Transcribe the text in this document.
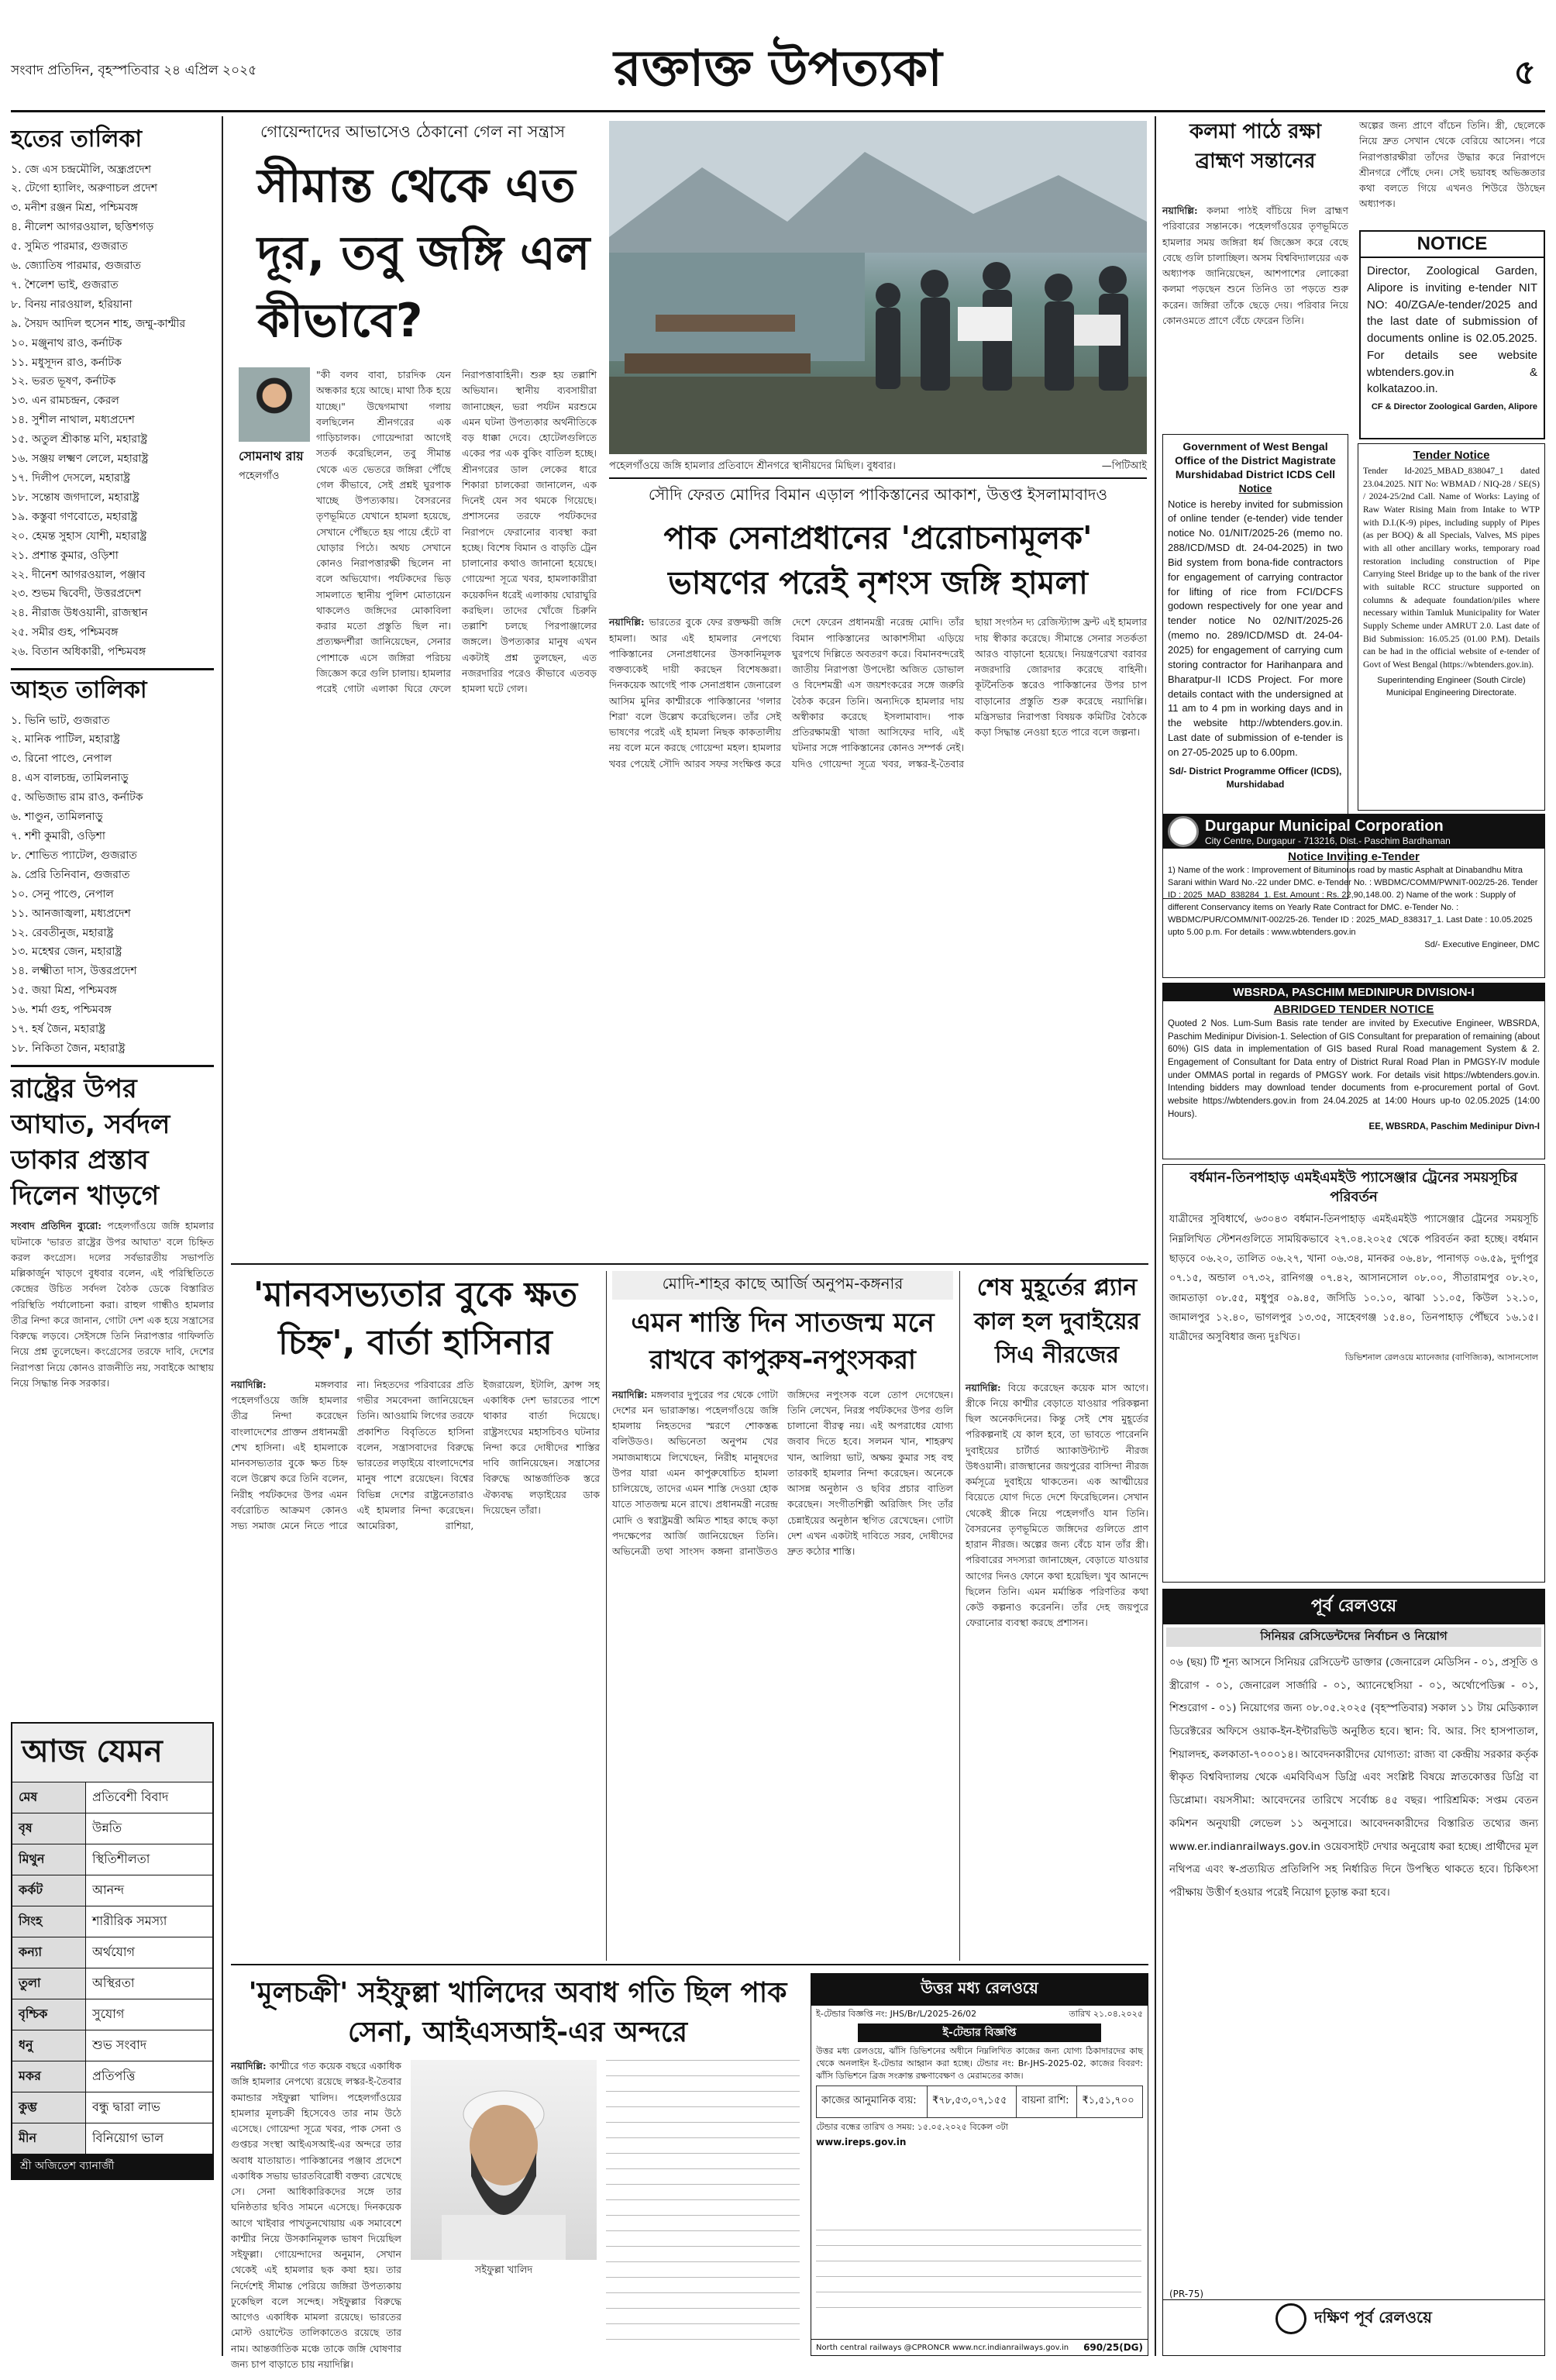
সংবাদ প্রতিদিন, বৃহস্পতিবার ২৪ এপ্রিল ২০২৫	রক্তাক্ত উপত্যকা	৫
হতের তালিকা
১. জে এস চন্দ্রমৌলি, অন্ধ্রপ্রদেশ
২. টেগো হ্যালিং, অরুণাচল প্রদেশ
৩. মনীশ রঞ্জন মিশ্র, পশ্চিমবঙ্গ
৪. নীলেশ আগরওয়াল, ছত্তিশগড়
৫. সুমিত পারমার, গুজরাত
৬. জ্যোতিষ পারমার, গুজরাত
৭. শৈলেশ ভাই, গুজরাত
৮. বিনয় নারওয়াল, হরিয়ানা
৯. সৈয়দ আদিল হুসেন শাহ, জম্মু-কাশ্মীর
১০. মঞ্জুনাথ রাও, কর্নাটক
১১. মধুসূদন রাও, কর্নাটক
১২. ভরত ভূষণ, কর্নাটক
১৩. এন রামচন্দ্রন, কেরল
১৪. সুশীল নাথাল, মধ্যপ্রদেশ
১৫. অতুল শ্রীকান্ত মণি, মহারাষ্ট্র
১৬. সঞ্জয় লক্ষ্মণ লেলে, মহারাষ্ট্র
১৭. দিলীপ দেসলে, মহারাষ্ট্র
১৮. সন্তোষ জগদালে, মহারাষ্ট্র
১৯. কস্তুবা গণবোতে, মহারাষ্ট্র
২০. হেমন্ত সুহাস যোশী, মহারাষ্ট্র
২১. প্রশান্ত কুমার, ওড়িশা
২২. দীনেশ আগরওয়াল, পঞ্জাব
২৩. শুভম দ্বিবেদী, উত্তরপ্রদেশ
২৪. নীরাজ উধওয়ানী, রাজস্থান
২৫. সমীর গুহ, পশ্চিমবঙ্গ
২৬. বিতান অধিকারী, পশ্চিমবঙ্গ
আহত তালিকা
১. ভিনি ভাট, গুজরাত
২. মানিক পাটিল, মহারাষ্ট্র
৩. রিনো পাণ্ডে, নেপাল
৪. এস বালচন্দ্র, তামিলনাড়ু
৫. অভিজাভ রাম রাও, কর্নাটক
৬. শাণ্ডুন, তামিলনাড়ু
৭. শশী কুমারী, ওড়িশা
৮. শোভিত প্যাটেল, গুজরাত
৯. প্রেরি তিনিবান, গুজরাত
১০. সেনু পাণ্ডে, নেপাল
১১. আনজাজ্বলা, মধ্যপ্রদেশ
১২. রেবতীনুজ, মহারাষ্ট্র
১৩. মহেশ্বর জেন, মহারাষ্ট্র
১৪. লক্ষ্মীতা দাস, উত্তরপ্রদেশ
১৫. জয়া মিশ্র, পশ্চিমবঙ্গ
১৬. শর্মা গুহ, পশ্চিমবঙ্গ
১৭. হর্ষ জৈন, মহারাষ্ট্র
১৮. নিকিতা জৈন, মহারাষ্ট্র
রাষ্ট্রের উপর আঘাত, সর্বদল ডাকার প্রস্তাব দিলেন খাড়গে

সংবাদ প্রতিদিন ব্যুরো: পহেলগাঁওয়ে জঙ্গি হামলার ঘটনাকে 'ভারত রাষ্ট্রের উপর আঘাত' বলে চিহ্নিত করল কংগ্রেস। দলের সর্বভারতীয় সভাপতি মল্লিকার্জুন খাড়গে বুধবার বলেন, এই পরিস্থিতিতে কেন্দ্রের উচিত সর্বদল বৈঠক ডেকে বিস্তারিত পরিস্থিতি পর্যালোচনা করা। রাহুল গান্ধীও হামলার তীব্র নিন্দা করে জানান, গোটা দেশ এক হয়ে সন্ত্রাসের বিরুদ্ধে লড়বে। সেইসঙ্গে তিনি নিরাপত্তার গাফিলতি নিয়ে প্রশ্ন তুলেছেন। কংগ্রেসের তরফে দাবি, দেশের নিরাপত্তা নিয়ে কোনও রাজনীতি নয়, সবাইকে আস্থায় নিয়ে সিদ্ধান্ত নিক সরকার।

আজ যেমন
মেষ	প্রতিবেশী বিবাদ
বৃষ	উন্নতি
মিথুন	স্থিতিশীলতা
কর্কট	আনন্দ
সিংহ	শারীরিক সমস্যা
কন্যা	অর্থযোগ
তুলা	অস্থিরতা
বৃশ্চিক	সুযোগ
ধনু	শুভ সংবাদ
মকর	প্রতিপত্তি
কুম্ভ	বন্ধু দ্বারা লাভ
মীন	বিনিয়োগ ভাল
শ্রী অজিতেশ ব্যানার্জী
গোয়েন্দাদের আভাসেও ঠেকানো গেল না সন্ত্রাস
সীমান্ত থেকে এত দূর, তবু জঙ্গি এল কীভাবে?
সোমনাথ রায়
পহেলগাঁও
"কী বলব বাবা, চারদিক যেন অন্ধকার হয়ে আছে। মাথা ঠিক হয়ে যাচ্ছে।" উদ্বেগমাখা গলায় বলছিলেন শ্রীনগরের এক গাড়িচালক। গোয়েন্দারা আগেই সতর্ক করেছিলেন, তবু সীমান্ত থেকে এত ভেতরে জঙ্গিরা পৌঁছে গেল কীভাবে, সেই প্রশ্নই ঘুরপাক খাচ্ছে উপত্যকায়। বৈসরনের তৃণভূমিতে যেখানে হামলা হয়েছে, সেখানে পৌঁছতে হয় পায়ে হেঁটে বা ঘোড়ার পিঠে। অথচ সেখানে কোনও নিরাপত্তারক্ষী ছিলেন না বলে অভিযোগ। পর্যটকদের ভিড় সামলাতে স্থানীয় পুলিশ মোতায়েন থাকলেও জঙ্গিদের মোকাবিলা করার মতো প্রস্তুতি ছিল না। প্রত্যক্ষদর্শীরা জানিয়েছেন, সেনার পোশাকে এসে জঙ্গিরা পরিচয় জিজ্ঞেস করে গুলি চালায়। হামলার পরেই গোটা এলাকা ঘিরে ফেলে নিরাপত্তাবাহিনী। শুরু হয় তল্লাশি অভিযান। স্থানীয় ব্যবসায়ীরা জানাচ্ছেন, ভরা পর্যটন মরশুমে এমন ঘটনা উপত্যকার অর্থনীতিকে বড় ধাক্কা দেবে। হোটেলগুলিতে একের পর এক বুকিং বাতিল হচ্ছে। শ্রীনগরের ডাল লেকের ধারে শিকারা চালকেরা জানালেন, এক দিনেই যেন সব থমকে গিয়েছে। প্রশাসনের তরফে পর্যটকদের নিরাপদে ফেরানোর ব্যবস্থা করা হচ্ছে। বিশেষ বিমান ও বাড়তি ট্রেন চালানোর কথাও জানানো হয়েছে। গোয়েন্দা সূত্রে খবর, হামলাকারীরা কয়েকদিন ধরেই এলাকায় ঘোরাঘুরি করছিল। তাদের খোঁজে চিরুনি তল্লাশি চলছে পিরপাঞ্জালের জঙ্গলে। উপত্যকার মানুষ এখন একটাই প্রশ্ন তুলছেন, এত নজরদারির পরেও কীভাবে এতবড় হামলা ঘটে গেল।
পহেলগাঁওয়ে জঙ্গি হামলার প্রতিবাদে শ্রীনগরে স্থানীয়দের মিছিল। বুধবার।	—পিটিআই
সৌদি ফেরত মোদির বিমান এড়াল পাকিস্তানের আকাশ, উত্তপ্ত ইসলামাবাদও
পাক সেনাপ্রধানের 'প্ররোচনামূলক' ভাষণের পরেই নৃশংস জঙ্গি হামলা

নয়াদিল্লি: ভারতের বুকে ফের রক্তক্ষয়ী জঙ্গি হামলা। আর এই হামলার নেপথ্যে পাকিস্তানের সেনাপ্রধানের উসকানিমূলক বক্তব্যকেই দায়ী করছেন বিশেষজ্ঞরা। দিনকয়েক আগেই পাক সেনাপ্রধান জেনারেল আসিম মুনির কাশ্মীরকে পাকিস্তানের 'গলার শিরা' বলে উল্লেখ করেছিলেন। তাঁর সেই ভাষণের পরেই এই হামলা নিছক কাকতালীয় নয় বলে মনে করছে গোয়েন্দা মহল। হামলার খবর পেয়েই সৌদি আরব সফর সংক্ষিপ্ত করে দেশে ফেরেন প্রধানমন্ত্রী নরেন্দ্র মোদি। তাঁর বিমান পাকিস্তানের আকাশসীমা এড়িয়ে ঘুরপথে দিল্লিতে অবতরণ করে। বিমানবন্দরেই জাতীয় নিরাপত্তা উপদেষ্টা অজিত ডোভাল ও বিদেশমন্ত্রী এস জয়শংকরের সঙ্গে জরুরি বৈঠক করেন তিনি। অন্যদিকে হামলার দায় অস্বীকার করেছে ইসলামাবাদ। পাক প্রতিরক্ষামন্ত্রী খাজা আসিফের দাবি, এই ঘটনার সঙ্গে পাকিস্তানের কোনও সম্পর্ক নেই। যদিও গোয়েন্দা সূত্রে খবর, লস্কর-ই-তৈবার ছায়া সংগঠন দ্য রেজিস্ট্যান্স ফ্রন্ট এই হামলার দায় স্বীকার করেছে। সীমান্তে সেনার সতর্কতা আরও বাড়ানো হয়েছে। নিয়ন্ত্রণরেখা বরাবর নজরদারি জোরদার করেছে বাহিনী। কূটনৈতিক স্তরেও পাকিস্তানের উপর চাপ বাড়ানোর প্রস্তুতি শুরু করেছে নয়াদিল্লি। মন্ত্রিসভার নিরাপত্তা বিষয়ক কমিটির বৈঠকে কড়া সিদ্ধান্ত নেওয়া হতে পারে বলে জল্পনা।

কলমা পাঠে রক্ষা ব্রাহ্মণ সন্তানের

নয়াদিল্লি: কলমা পাঠই বাঁচিয়ে দিল ব্রাহ্মণ পরিবারের সন্তানকে। পহেলগাঁওয়ের তৃণভূমিতে হামলার সময় জঙ্গিরা ধর্ম জিজ্ঞেস করে বেছে বেছে গুলি চালাচ্ছিল। অসম বিশ্ববিদ্যালয়ের এক অধ্যাপক জানিয়েছেন, আশপাশের লোকেরা কলমা পড়ছেন শুনে তিনিও তা পড়তে শুরু করেন। জঙ্গিরা তাঁকে ছেড়ে দেয়। পরিবার নিয়ে কোনওমতে প্রাণে বেঁচে ফেরেন তিনি।

অল্পের জন্য প্রাণে বাঁচেন তিনি। স্ত্রী, ছেলেকে নিয়ে দ্রুত সেখান থেকে বেরিয়ে আসেন। পরে নিরাপত্তারক্ষীরা তাঁদের উদ্ধার করে নিরাপদে শ্রীনগরে পৌঁছে দেন। সেই ভয়াবহ অভিজ্ঞতার কথা বলতে গিয়ে এখনও শিউরে উঠছেন অধ্যাপক।
NOTICE
Director, Zoological Garden, Alipore is inviting e-tender NIT NO: 40/ZGA/e-tender/2025 and the last date of submission of documents online is 02.05.2025. For details see website wbtenders.gov.in & kolkatazoo.in.
CF & Director Zoological Garden, Alipore
Government of West Bengal Office of the District Magistrate Murshidabad District ICDS Cell
Notice
Notice is hereby invited for submission of online tender (e-tender) vide tender notice No. 01/NIT/2025-26 (memo no. 288/ICD/MSD dt. 24-04-2025) in two Bid system from bona-fide contractors for engagement of carrying contractor for lifting of rice from FCI/DCFS godown respectively for one year and tender notice No 02/NIT/2025-26 (memo no. 289/ICD/MSD dt. 24-04-2025) for engagement of carrying cum storing contractor for Harihanpara and Bharatpur-II ICDS Project. For more details contact with the undersigned at 11 am to 4 pm in working days and in the website http://wbtenders.gov.in. Last date of submission of e-tender is on 27-05-2025 up to 6.00pm.
Sd/- District Programme Officer (ICDS), Murshidabad
Tender Notice
Tender Id-2025_MBAD_838047_1 dated 23.04.2025. NIT No: WBMAD / NIQ-28 / SE(S) / 2024-25/2nd Call. Name of Works: Laying of Raw Water Rising Main from Intake to WTP with D.I.(K-9) pipes, including supply of Pipes (as per BOQ) & all Specials, Valves, MS pipes with all other ancillary works, temporary road restoration including construction of Pipe Carrying Steel Bridge up to the bank of the river with suitable RCC structure supported on columns & adequate foundation/piles where necessary within Tamluk Municipality for Water Supply Scheme under AMRUT 2.0. Last date of Bid Submission: 16.05.25 (01.00 P.M). Details can be had in the official website of e-tender of Govt of West Bengal (https://wbtenders.gov.in).
Superintending Engineer (South Circle) Municipal Engineering Directorate.
Durgapur Municipal Corporation
City Centre, Durgapur - 713216, Dist.- Paschim Bardhaman
Notice Inviting e-Tender
1) Name of the work : Improvement of Bituminous road by mastic Asphalt at Dinabandhu Mitra Sarani within Ward No.-22 under DMC. e-Tender No. : WBDMC/COMM/PWNIT-002/25-26. Tender ID : 2025_MAD_838284_1. Est. Amount : Rs. 22,90,148.00. 2) Name of the work : Supply of different Conservancy items on Yearly Rate Contract for DMC. e-Tender No. : WBDMC/PUR/COMM/NIT-002/25-26. Tender ID : 2025_MAD_838317_1. Last Date : 10.05.2025 upto 5.00 p.m. For details : www.wbtenders.gov.in
Sd/- Executive Engineer, DMC
WBSRDA, PASCHIM MEDINIPUR DIVISION-I
ABRIDGED TENDER NOTICE
Quoted 2 Nos. Lum-Sum Basis rate tender are invited by Executive Engineer, WBSRDA, Paschim Medinipur Division-1. Selection of GIS Consultant for preparation of remaining (about 60%) GIS data in implementation of GIS based Rural Road management System & 2. Engagement of Consultant for Data entry of District Rural Road Plan in PMGSY-IV module under OMMAS portal in regards of PMGSY work. For details visit https://wbtenders.gov.in. Intending bidders may download tender documents from e-procurement portal of Govt. website https://wbtenders.gov.in from 24.04.2025 at 14:00 Hours up-to 02.05.2025 (14:00 Hours).
EE, WBSRDA, Paschim Medinipur Divn-I
বর্ধমান-তিনপাহাড় এমইএমইউ প্যাসেঞ্জার ট্রেনের সময়সূচির পরিবর্তন
যাত্রীদের সুবিধার্থে, ৬৩০৪৩ বর্ধমান-তিনপাহাড় এমইএমইউ প্যাসেঞ্জার ট্রেনের সময়সূচি নিম্নলিখিত স্টেশনগুলিতে সাময়িকভাবে ২৭.০৪.২০২৫ থেকে পরিবর্তন করা হচ্ছে। বর্ধমান ছাড়বে ০৬.২০, তালিত ০৬.২৭, খানা ০৬.৩৪, মানকর ০৬.৪৮, পানাগড় ০৬.৫৯, দুর্গাপুর ০৭.১৫, অন্ডাল ০৭.৩২, রানিগঞ্জ ০৭.৪২, আসানসোল ০৮.০০, সীতারামপুর ০৮.২০, জামতাড়া ০৮.৫৫, মধুপুর ০৯.৪৫, জসিডি ১০.১০, ঝাঝা ১১.০৫, কিউল ১২.১০, জামালপুর ১২.৪০, ভাগলপুর ১৩.৩৫, সাহেবগঞ্জ ১৫.৪০, তিনপাহাড় পৌঁছবে ১৬.১৫। যাত্রীদের অসুবিধার জন্য দুঃখিত।
ডিভিশনাল রেলওয়ে ম্যানেজার (বাণিজ্যিক), আসানসোল
পূর্ব রেলওয়ে
সিনিয়র রেসিডেন্টদের নির্বাচন ও নিয়োগ
০৬ (ছয়) টি শূন্য আসনে সিনিয়র রেসিডেন্ট ডাক্তার (জেনারেল মেডিসিন - ০১, প্রসূতি ও স্ত্রীরোগ - ০১, জেনারেল সার্জারি - ০১, অ্যানেস্থেসিয়া - ০১, অর্থোপেডিক্স - ০১, শিশুরোগ - ০১) নিয়োগের জন্য ০৮.০৫.২০২৫ (বৃহস্পতিবার) সকাল ১১ টায় মেডিক্যাল ডিরেক্টরের অফিসে ওয়াক-ইন-ইন্টারভিউ অনুষ্ঠিত হবে। স্থান: বি. আর. সিং হাসপাতাল, শিয়ালদহ, কলকাতা-৭০০০১৪। আবেদনকারীদের যোগ্যতা: রাজ্য বা কেন্দ্রীয় সরকার কর্তৃক স্বীকৃত বিশ্ববিদ্যালয় থেকে এমবিবিএস ডিগ্রি এবং সংশ্লিষ্ট বিষয়ে স্নাতকোত্তর ডিগ্রি বা ডিপ্লোমা। বয়সসীমা: আবেদনের তারিখে সর্বোচ্চ ৪৫ বছর। পারিশ্রমিক: সপ্তম বেতন কমিশন অনুযায়ী লেভেল ১১ অনুসারে। আবেদনকারীদের বিস্তারিত তথ্যের জন্য www.er.indianrailways.gov.in ওয়েবসাইট দেখার অনুরোধ করা হচ্ছে। প্রার্থীদের মূল নথিপত্র এবং স্ব-প্রত্যয়িত প্রতিলিপি সহ নির্ধারিত দিনে উপস্থিত থাকতে হবে। চিকিৎসা পরীক্ষায় উত্তীর্ণ হওয়ার পরেই নিয়োগ চূড়ান্ত করা হবে।
(PR-75)
দক্ষিণ পূর্ব রেলওয়ে
'মানবসভ্যতার বুকে ক্ষত চিহ্ন', বার্তা হাসিনার

নয়াদিল্লি:	মঙ্গলবার পহেলগাঁওয়ে জঙ্গি হামলার তীব্র নিন্দা করেছেন বাংলাদেশের প্রাক্তন প্রধানমন্ত্রী শেখ হাসিনা। এই হামলাকে মানবসভ্যতার বুকে ক্ষত চিহ্ন বলে উল্লেখ করে তিনি বলেন, নিরীহ পর্যটকদের উপর এমন বর্বরোচিত আক্রমণ কোনও সভ্য সমাজ মেনে নিতে পারে না। নিহতদের পরিবারের প্রতি গভীর সমবেদনা জানিয়েছেন তিনি। আওয়ামি লিগের তরফে প্রকাশিত বিবৃতিতে হাসিনা বলেন, সন্ত্রাসবাদের বিরুদ্ধে ভারতের লড়াইয়ে বাংলাদেশের মানুষ পাশে রয়েছেন। বিশ্বের বিভিন্ন দেশের রাষ্ট্রনেতারাও এই হামলার নিন্দা করেছেন। আমেরিকা, রাশিয়া, ইজরায়েল, ইটালি, ফ্রান্স সহ একাধিক দেশ ভারতের পাশে থাকার বার্তা দিয়েছে। রাষ্ট্রসংঘের মহাসচিবও ঘটনার নিন্দা করে দোষীদের শাস্তির দাবি জানিয়েছেন। সন্ত্রাসের বিরুদ্ধে আন্তর্জাতিক স্তরে ঐক্যবদ্ধ লড়াইয়ের ডাক দিয়েছেন তাঁরা।

মোদি-শাহর কাছে আর্জি অনুপম-কঙ্গনার
এমন শাস্তি দিন সাতজন্ম মনে রাখবে কাপুরুষ-নপুংসকরা

নয়াদিল্লি: মঙ্গলবার দুপুরের পর থেকে গোটা দেশের মন ভারাক্রান্ত। পহেলগাঁওয়ে জঙ্গি হামলায় নিহতদের স্মরণে শোকস্তব্ধ বলিউডও। অভিনেতা অনুপম খের সমাজমাধ্যমে লিখেছেন, নিরীহ মানুষদের উপর যারা এমন কাপুরুষোচিত হামলা চালিয়েছে, তাদের এমন শাস্তি দেওয়া হোক যাতে সাতজন্ম মনে রাখে। প্রধানমন্ত্রী নরেন্দ্র মোদি ও স্বরাষ্ট্রমন্ত্রী অমিত শাহর কাছে কড়া পদক্ষেপের আর্জি জানিয়েছেন তিনি। অভিনেত্রী তথা সাংসদ কঙ্গনা রানাউতও জঙ্গিদের নপুংসক বলে তোপ দেগেছেন। তিনি লেখেন, নিরস্ত্র পর্যটকদের উপর গুলি চালানো বীরত্ব নয়। এই অপরাধের যোগ্য জবাব দিতে হবে। সলমন খান, শাহরুখ খান, আলিয়া ভাট, অক্ষয় কুমার সহ বহু তারকাই হামলার নিন্দা করেছেন। অনেকে আসন্ন অনুষ্ঠান ও ছবির প্রচার বাতিল করেছেন। সংগীতশিল্পী অরিজিৎ সিং তাঁর চেন্নাইয়ের অনুষ্ঠান স্থগিত রেখেছেন। গোটা দেশ এখন একটাই দাবিতে সরব, দোষীদের দ্রুত কঠোর শাস্তি।

শেষ মুহূর্তের প্ল্যান কাল হল দুবাইয়ের সিএ নীরজের

নয়াদিল্লি: বিয়ে করেছেন কয়েক মাস আগে। স্ত্রীকে নিয়ে কাশ্মীর বেড়াতে যাওয়ার পরিকল্পনা ছিল অনেকদিনের। কিন্তু সেই শেষ মুহূর্তের পরিকল্পনাই যে কাল হবে, তা ভাবতে পারেননি দুবাইয়ের চার্টার্ড অ্যাকাউন্ট্যান্ট নীরজ উধওয়ানী। রাজস্থানের জয়পুরের বাসিন্দা নীরজ কর্মসূত্রে দুবাইয়ে থাকতেন। এক আত্মীয়ের বিয়েতে যোগ দিতে দেশে ফিরেছিলেন। সেখান থেকেই স্ত্রীকে নিয়ে পহেলগাঁও যান তিনি। বৈসরনের তৃণভূমিতে জঙ্গিদের গুলিতে প্রাণ হারান নীরজ। অল্পের জন্য বেঁচে যান তাঁর স্ত্রী। পরিবারের সদস্যরা জানাচ্ছেন, বেড়াতে যাওয়ার আগের দিনও ফোনে কথা হয়েছিল। খুব আনন্দে ছিলেন তিনি। এমন মর্মান্তিক পরিণতির কথা কেউ কল্পনাও করেননি। তাঁর দেহ জয়পুরে ফেরানোর ব্যবস্থা করছে প্রশাসন।

'মূলচক্রী' সইফুল্লা খালিদের অবাধ গতি ছিল পাক সেনা, আইএসআই-এর অন্দরে

নয়াদিল্লি: কাশ্মীরে গত কয়েক বছরে একাধিক জঙ্গি হামলার নেপথ্যে রয়েছে লস্কর-ই-তৈবার কমান্ডার সইফুল্লা খালিদ। পহেলগাঁওয়ের হামলার মূলচক্রী হিসেবেও তার নাম উঠে এসেছে। গোয়েন্দা সূত্রে খবর, পাক সেনা ও গুপ্তচর সংস্থা আইএসআই-এর অন্দরে তার অবাধ যাতায়াত। পাকিস্তানের পঞ্জাব প্রদেশে একাধিক সভায় ভারতবিরোধী বক্তব্য রেখেছে সে। সেনা আধিকারিকদের সঙ্গে তার ঘনিষ্ঠতার ছবিও সামনে এসেছে। দিনকয়েক আগে খাইবার পাখতুনখোয়ায় এক সমাবেশে কাশ্মীর নিয়ে উসকানিমূলক ভাষণ দিয়েছিল সইফুল্লা। গোয়েন্দাদের অনুমান, সেখান থেকেই এই হামলার ছক কষা হয়। তার নির্দেশেই সীমান্ত পেরিয়ে জঙ্গিরা উপত্যকায় ঢুকেছিল বলে সন্দেহ। সইফুল্লার বিরুদ্ধে আগেও একাধিক মামলা রয়েছে। ভারতের মোস্ট ওয়ান্টেড তালিকাতেও রয়েছে তার নাম। আন্তর্জাতিক মঞ্চে তাকে জঙ্গি ঘোষণার জন্য চাপ বাড়াতে চায় নয়াদিল্লি।

সইফুল্লা খালিদ
উত্তর মধ্য রেলওয়ে
ই-টেন্ডার বিজ্ঞপ্তি নং: JHS/Br/L/2025-26/02	তারিখ ২১.০৪.২০২৫
ই-টেন্ডার বিজ্ঞপ্তি
উত্তর মধ্য রেলওয়ে, ঝাঁসি ডিভিশনের অধীনে নিম্নলিখিত কাজের জন্য যোগ্য ঠিকাদারদের কাছ থেকে অনলাইন ই-টেন্ডার আহ্বান করা হচ্ছে। টেন্ডার নং: Br-JHS-2025-02, কাজের বিবরণ: ঝাঁসি ডিভিশনে ব্রিজ সংক্রান্ত রক্ষণাবেক্ষণ ও মেরামতের কাজ।
কাজের আনুমানিক ব্যয়:	₹৭৮,৫৩,০৭,১৫৫	বায়না রাশি:	₹১,৫১,৭০০
টেন্ডার বন্ধের তারিখ ও সময়: ১৫.০৫.২০২৫ বিকেল ৩টা
www.ireps.gov.in
North central railways @CPRONCR www.ncr.indianrailways.gov.in 690/25(DG)
